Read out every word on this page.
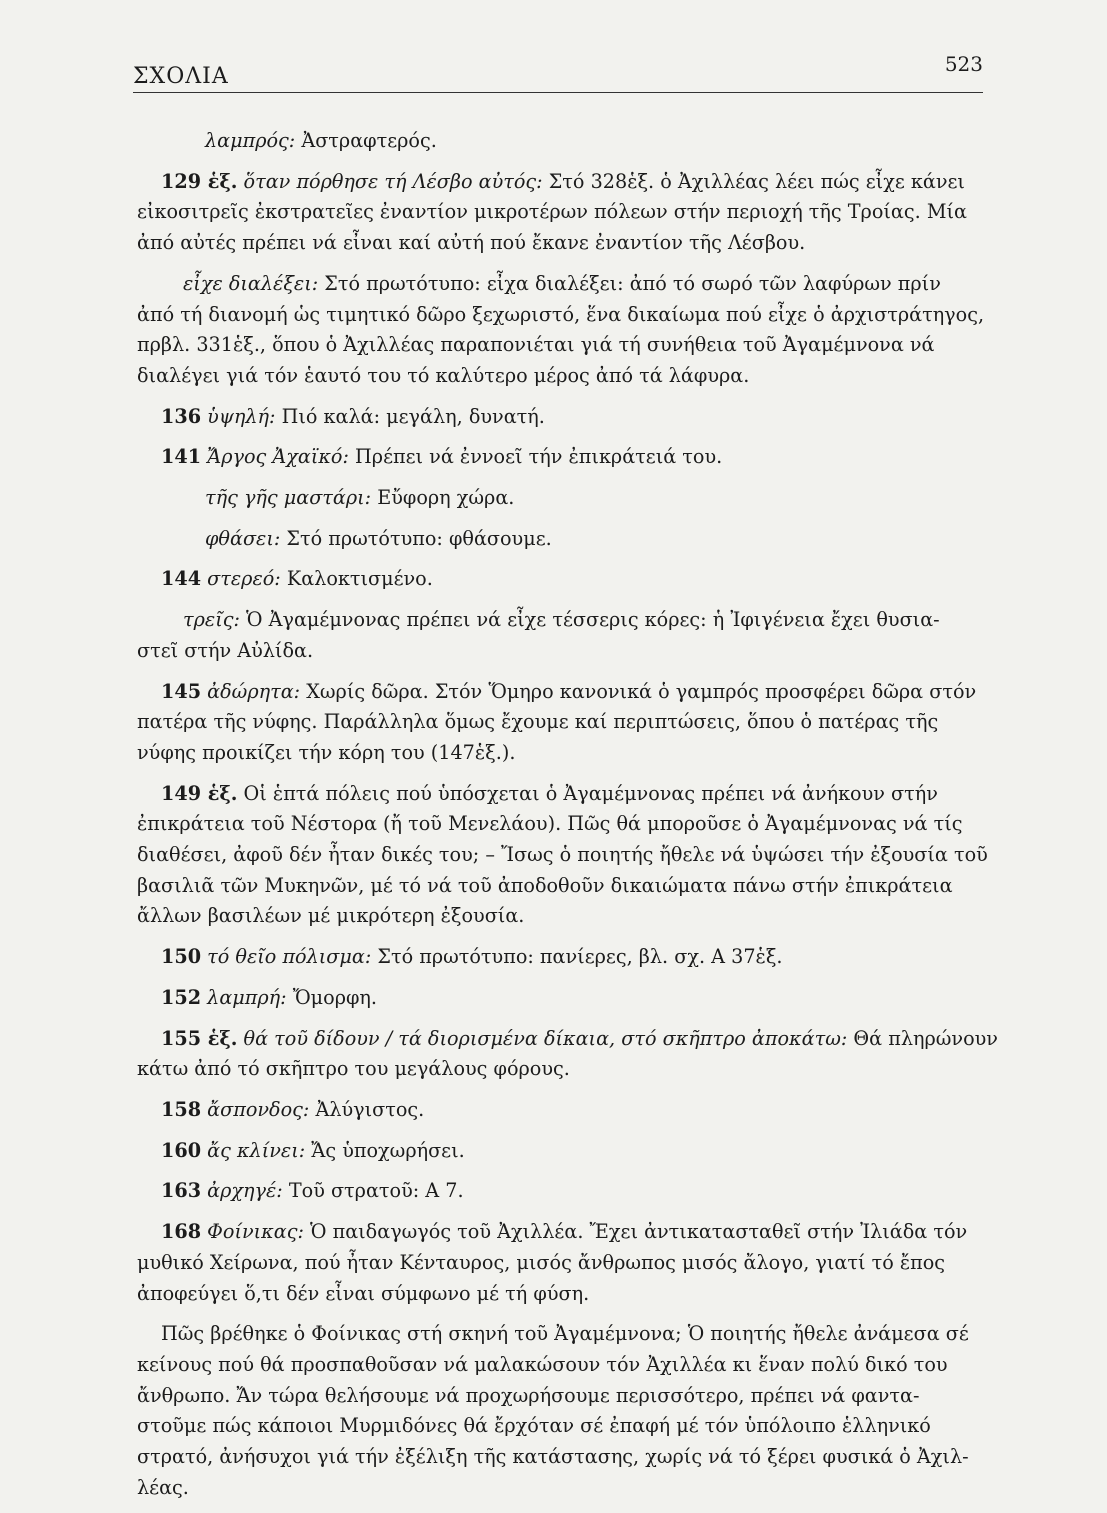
ΣΧΟΛΙΑ	523
λαμπρός: Ἀστραφτερός.
129 ἑξ. ὅταν πόρθησε τή Λέσβο αὐτός: Στό 328ἑξ. ὁ Ἀχιλλέας λέει πώς εἶχε κάνει
εἰκοσιτρεῖς ἐκστρατεῖες ἐναντίον μικροτέρων πόλεων στήν περιοχή τῆς Τροίας. Μία
ἀπό αὐτές πρέπει νά εἶναι καί αὐτή πού ἔκανε ἐναντίον τῆς Λέσβου.
εἶχε διαλέξει: Στό πρωτότυπο: εἶχα διαλέξει: ἀπό τό σωρό τῶν λαφύρων πρίν
ἀπό τή διανομή ὡς τιμητικό δῶρο ξεχωριστό, ἕνα δικαίωμα πού εἶχε ὁ ἀρχιστράτηγος,
πρβλ. 331ἑξ., ὅπου ὁ Ἀχιλλέας παραπονιέται γιά τή συνήθεια τοῦ Ἀγαμέμνονα νά
διαλέγει γιά τόν ἑαυτό του τό καλύτερο μέρος ἀπό τά λάφυρα.
136 ὑψηλή: Πιό καλά: μεγάλη, δυνατή.
141 Ἄργος Ἀχαϊκό: Πρέπει νά ἐννοεῖ τήν ἐπικράτειά του.
τῆς γῆς μαστάρι: Εὔφορη χώρα.
φθάσει: Στό πρωτότυπο: φθάσουμε.
144 στερεό: Καλοκτισμένο.
τρεῖς: Ὁ Ἀγαμέμνονας πρέπει νά εἶχε τέσσερις κόρες: ἡ Ἰφιγένεια ἔχει θυσια-
στεῖ στήν Αὐλίδα.
145 ἀδώρητα: Χωρίς δῶρα. Στόν Ὅμηρο κανονικά ὁ γαμπρός προσφέρει δῶρα στόν
πατέρα τῆς νύφης. Παράλληλα ὅμως ἔχουμε καί περιπτώσεις, ὅπου ὁ πατέρας τῆς
νύφης προικίζει τήν κόρη του (147ἑξ.).
149 ἑξ. Οἱ ἑπτά πόλεις πού ὑπόσχεται ὁ Ἀγαμέμνονας πρέπει νά ἀνήκουν στήν
ἐπικράτεια τοῦ Νέστορα (ἤ τοῦ Μενελάου). Πῶς θά μποροῦσε ὁ Ἀγαμέμνονας νά τίς
διαθέσει, ἀφοῦ δέν ἦταν δικές του; – Ἴσως ὁ ποιητής ἤθελε νά ὑψώσει τήν ἐξουσία τοῦ
βασιλιᾶ τῶν Μυκηνῶν, μέ τό νά τοῦ ἀποδοθοῦν δικαιώματα πάνω στήν ἐπικράτεια
ἄλλων βασιλέων μέ μικρότερη ἐξουσία.
150 τό θεῖο πόλισμα: Στό πρωτότυπο: πανίερες, βλ. σχ. Α 37ἑξ.
152 λαμπρή: Ὄμορφη.
155 ἑξ. θά τοῦ δίδουν / τά διορισμένα δίκαια, στό σκῆπτρο ἀποκάτω: Θά πληρώνουν
κάτω ἀπό τό σκῆπτρο του μεγάλους φόρους.
158 ἄσπονδος: Ἀλύγιστος.
160 ἄς κλίνει: Ἄς ὑποχωρήσει.
163 ἀρχηγέ: Τοῦ στρατοῦ: Α 7.
168 Φοίνικας: Ὁ παιδαγωγός τοῦ Ἀχιλλέα. Ἔχει ἀντικατασταθεῖ στήν Ἰλιάδα τόν
μυθικό Χείρωνα, πού ἦταν Κένταυρος, μισός ἄνθρωπος μισός ἄλογο, γιατί τό ἔπος
ἀποφεύγει ὅ,τι δέν εἶναι σύμφωνο μέ τή φύση.
Πῶς βρέθηκε ὁ Φοίνικας στή σκηνή τοῦ Ἀγαμέμνονα; Ὁ ποιητής ἤθελε ἀνάμεσα σέ
κείνους πού θά προσπαθοῦσαν νά μαλακώσουν τόν Ἀχιλλέα κι ἕναν πολύ δικό του
ἄνθρωπο. Ἄν τώρα θελήσουμε νά προχωρήσουμε περισσότερο, πρέπει νά φαντα-
στοῦμε πώς κάποιοι Μυρμιδόνες θά ἔρχόταν σέ ἐπαφή μέ τόν ὑπόλοιπο ἑλληνικό
στρατό, ἀνήσυχοι γιά τήν ἐξέλιξη τῆς κατάστασης, χωρίς νά τό ξέρει φυσικά ὁ Ἀχιλ-
λέας.
